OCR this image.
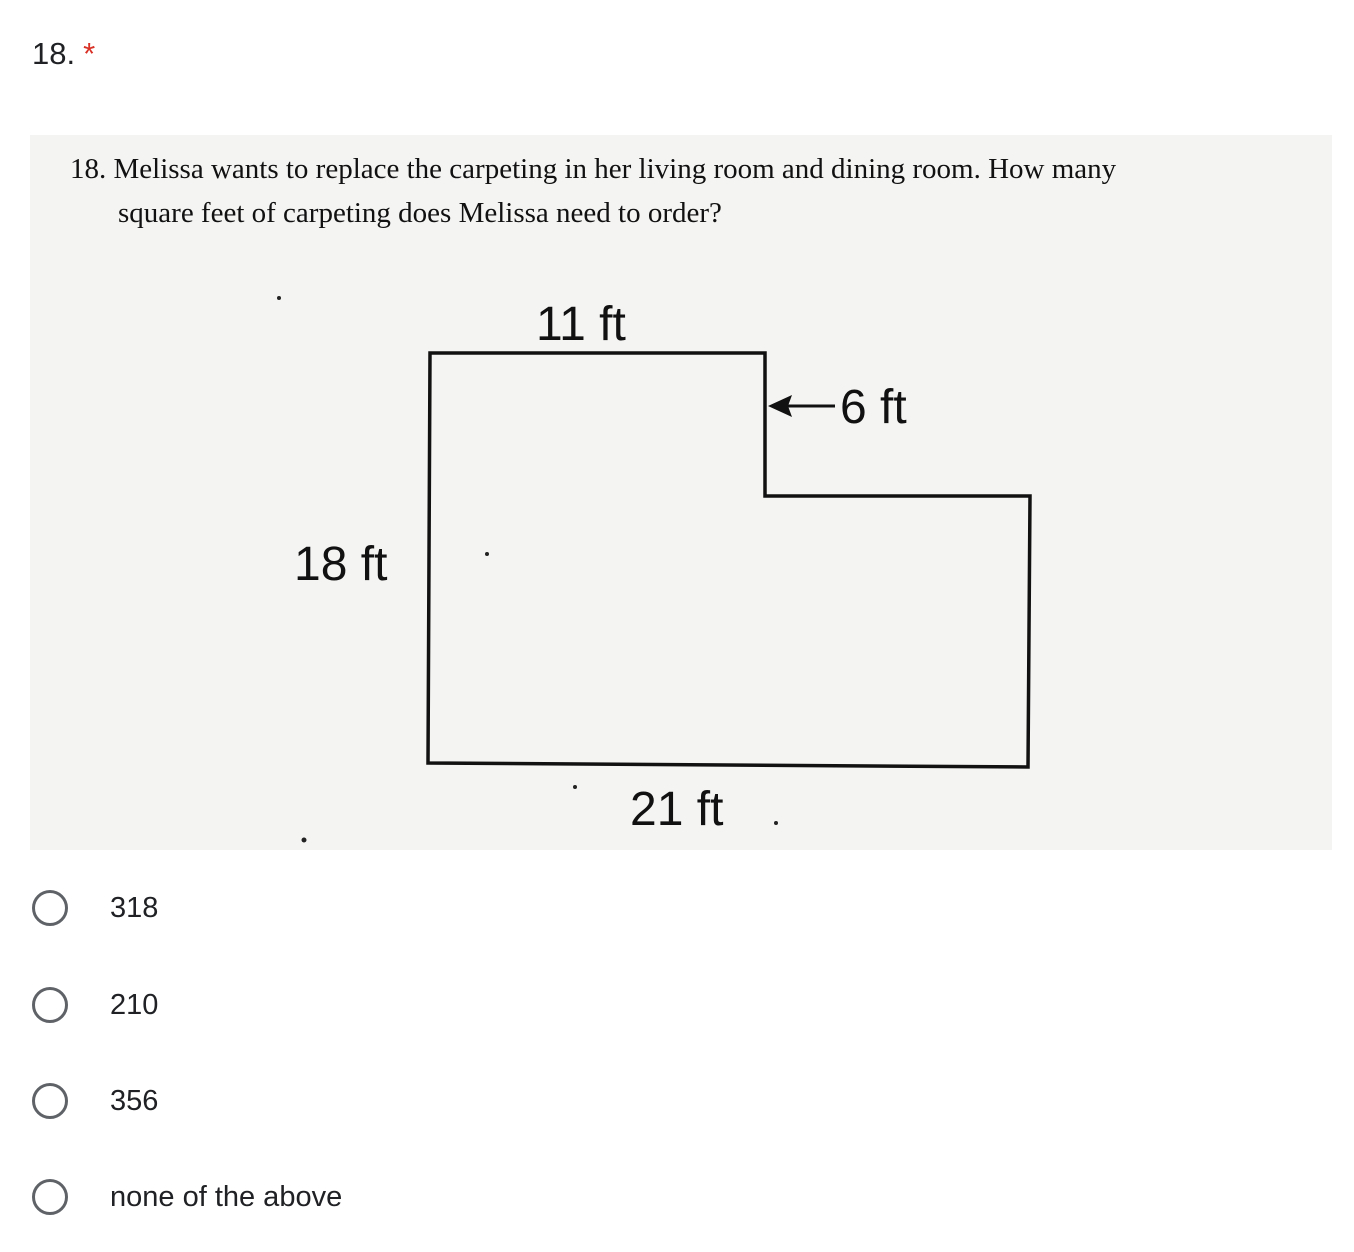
18. *
18. Melissa wants to replace the carpeting in her living room and dining room. How many
square feet of carpeting does Melissa need to order?
11 ft
6 ft
18 ft
21 ft
318
210
356
none of the above
